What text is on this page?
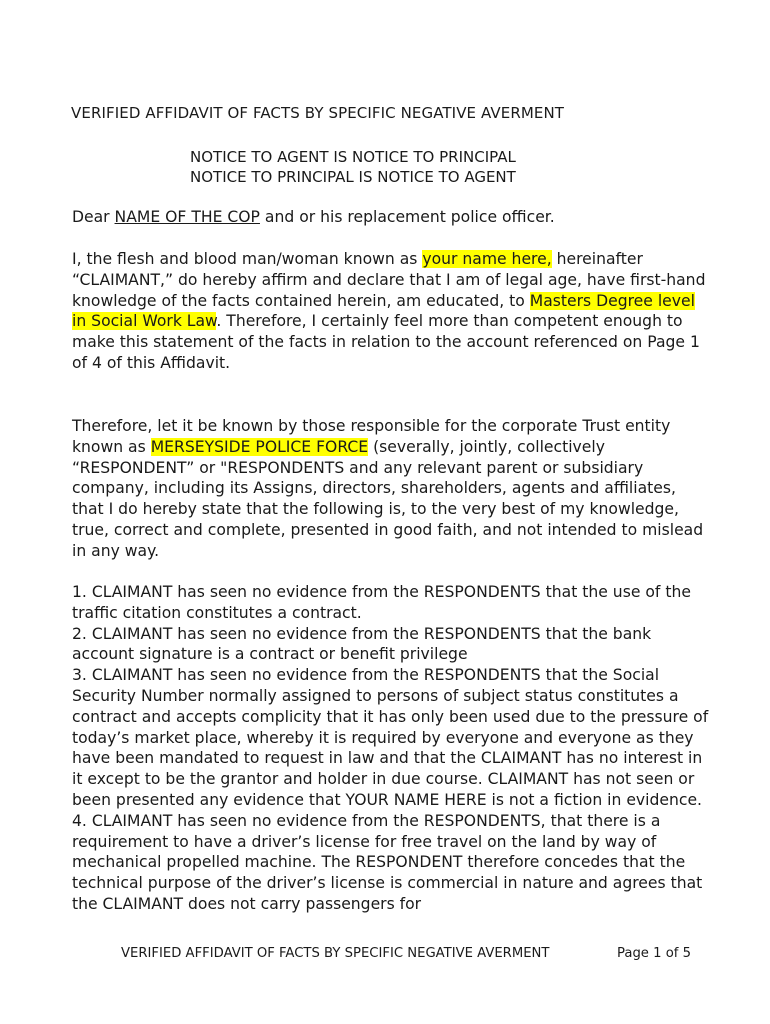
VERIFIED AFFIDAVIT OF FACTS BY SPECIFIC NEGATIVE AVERMENT
NOTICE TO AGENT IS NOTICE TO PRINCIPAL
NOTICE TO PRINCIPAL IS NOTICE TO AGENT

Dear NAME OF THE COP and or his replacement police officer.

I, the flesh and blood man/woman known as your name here, hereinafter “CLAIMANT,” do hereby affirm and declare that I am of legal age, have first-hand knowledge of the facts contained herein, am educated, to Masters Degree level in Social Work Law. Therefore, I certainly feel more than competent enough to make this statement of the facts in relation to the account referenced on Page 1 of 4 of this Affidavit.

Therefore, let it be known by those responsible for the corporate Trust entity known as MERSEYSIDE POLICE FORCE (severally, jointly, collectively “RESPONDENT” or "RESPONDENTS and any relevant parent or subsidiary company, including its Assigns, directors, shareholders, agents and affiliates, that I do hereby state that the following is, to the very best of my knowledge, true, correct and complete, presented in good faith, and not intended to mislead in any way.

1. CLAIMANT has seen no evidence from the RESPONDENTS that the use of the traffic citation constitutes a contract.

2. CLAIMANT has seen no evidence from the RESPONDENTS that the bank account signature is a contract or benefit privilege

3. CLAIMANT has seen no evidence from the RESPONDENTS that the Social Security Number normally assigned to persons of subject status constitutes a contract and accepts complicity that it has only been used due to the pressure of today’s market place, whereby it is required by everyone and everyone as they have been mandated to request in law and that the CLAIMANT has no interest in it except to be the grantor and holder in due course. CLAIMANT has not seen or been presented any evidence that YOUR NAME HERE is not a fiction in evidence.

4. CLAIMANT has seen no evidence from the RESPONDENTS, that there is a requirement to have a driver’s license for free travel on the land by way of mechanical propelled machine. The RESPONDENT therefore concedes that the technical purpose of the driver’s license is commercial in nature and agrees that the CLAIMANT does not carry passengers for

VERIFIED AFFIDAVIT OF FACTS BY SPECIFIC NEGATIVE AVERMENT	Page 1 of 5
